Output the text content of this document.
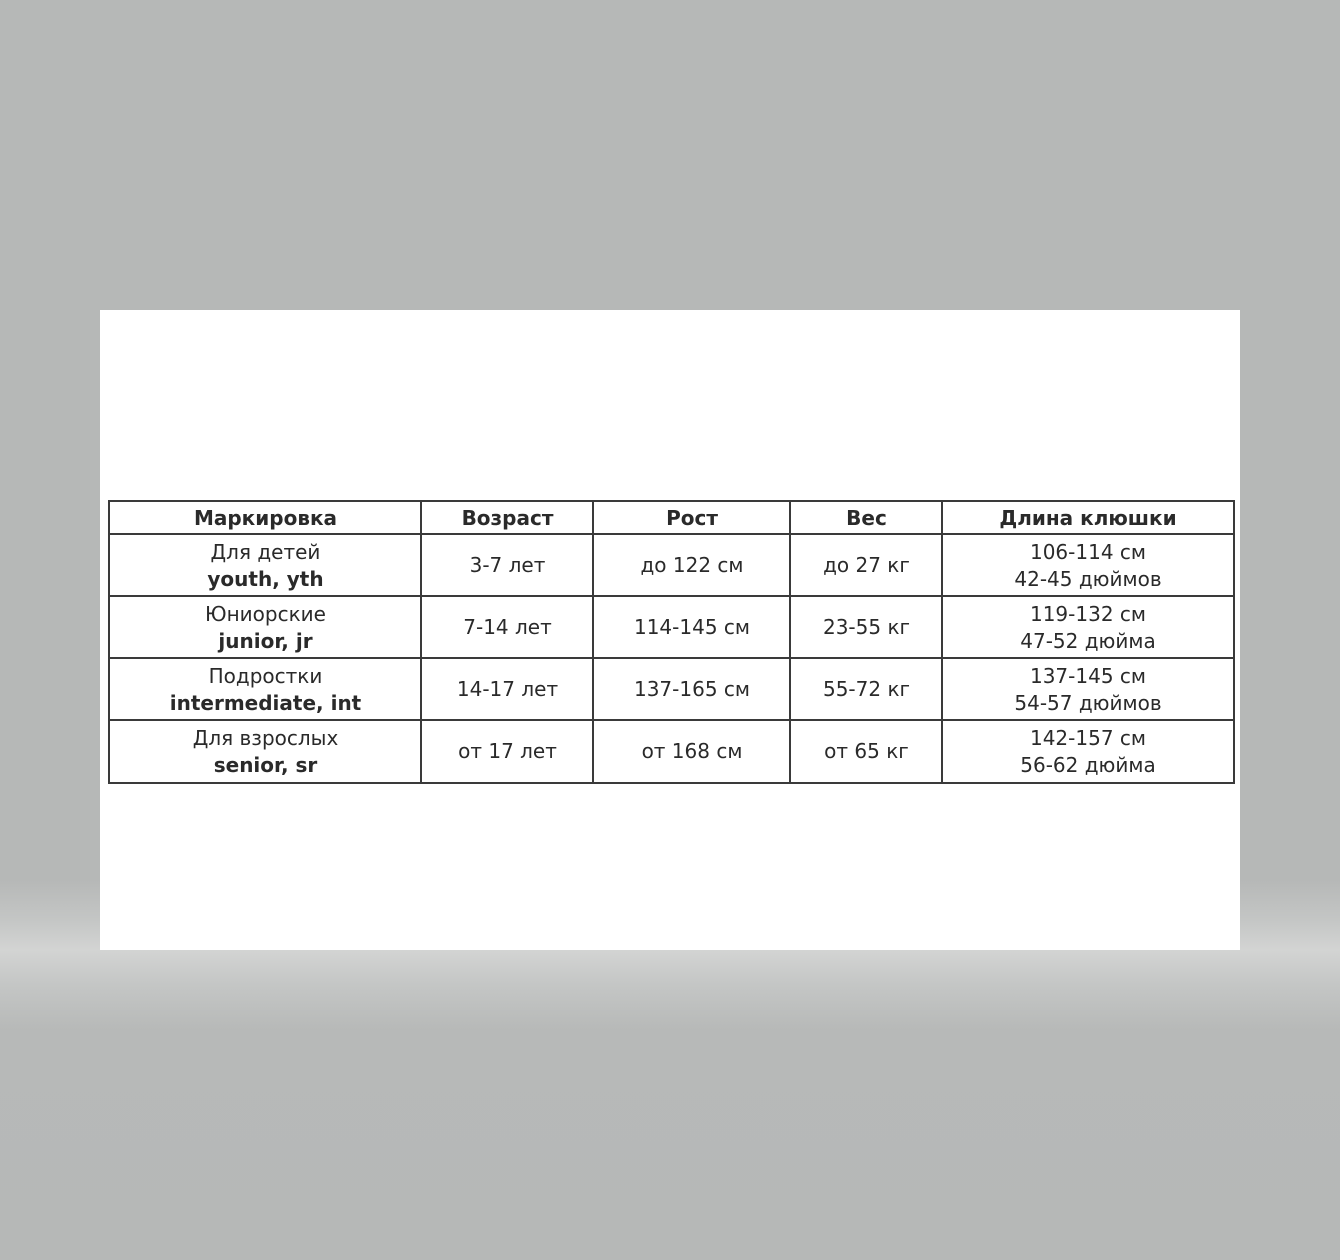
Маркировка	Возраст	Рост	Вес	Длина клюшки

Для детей
youth, yth	3-7 лет	до 122 см	до 27 кг	106-114 см
42-45 дюймов

Юниорские
junior, jr	7-14 лет	114-145 см	23-55 кг	119-132 см
47-52 дюйма

Подростки
intermediate, int	14-17 лет	137-165 см	55-72 кг	137-145 см
54-57 дюймов

Для взрослых
senior, sr	от 17 лет	от 168 см	от 65 кг	142-157 см
56-62 дюйма
